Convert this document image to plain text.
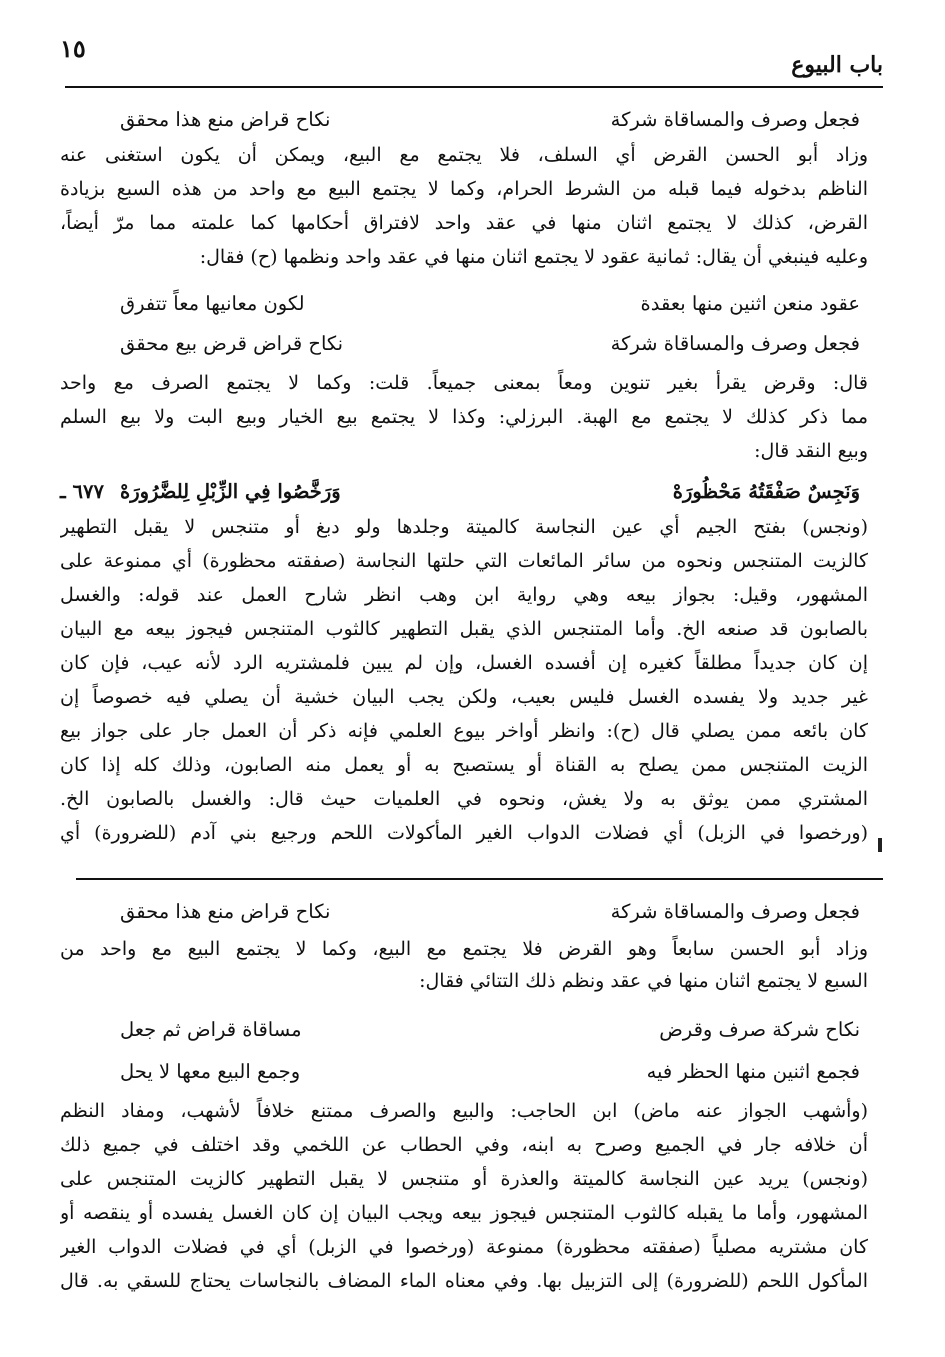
١٥
باب البيوع
فجعل وصرف والمساقاة شركة
نكاح قراض منع هذا محقق
وزاد أبو الحسن القرض أي السلف، فلا يجتمع مع البيع، ويمكن أن يكون استغنى عنه
الناظم بدخوله فيما قبله من الشرط الحرام، وكما لا يجتمع البيع مع واحد من هذه السبع بزيادة
القرض، كذلك لا يجتمع اثنان منها في عقد واحد لافتراق أحكامها كما علمته مما مرّ أيضاً،
وعليه فينبغي أن يقال: ثمانية عقود لا يجتمع اثنان منها في عقد واحد ونظمها (ح) فقال:
عقود منعن اثنين منها بعقدة
لكون معانيها معاً تتفرق
فجعل وصرف والمساقاة شركة
نكاح قراض قرض بيع محقق
قال: وقرض يقرأ بغير تنوين ومعاً بمعنى جميعاً. قلت: وكما لا يجتمع الصرف مع واحد
مما ذكر كذلك لا يجتمع مع الهبة. البرزلي: وكذا لا يجتمع بيع الخيار وبيع البت ولا بيع السلم
وبيع النقد قال:
٦٧٧ ـ	وَنَجِسٌ صَفْقَتُهُ مَحْظُورَهْ
وَرَخَّصُوا فِي الزِّبْلِ لِلضَّرُورَهْ
(ونجس) بفتح الجيم أي عين النجاسة كالميتة وجلدها ولو دبغ أو متنجس لا يقبل التطهير
كالزيت المتنجس ونحوه من سائر المائعات التي حلتها النجاسة (صفقته محظورة) أي ممنوعة على
المشهور، وقيل: بجواز بيعه وهي رواية ابن وهب انظر شارح العمل عند قوله: والغسل
بالصابون قد صنعه الخ. وأما المتنجس الذي يقبل التطهير كالثوب المتنجس فيجوز بيعه مع البيان
إن كان جديداً مطلقاً كغيره إن أفسده الغسل، وإن لم يبين فلمشتريه الرد لأنه عيب، فإن كان
غير جديد ولا يفسده الغسل فليس بعيب، ولكن يجب البيان خشية أن يصلي فيه خصوصاً إن
كان بائعه ممن يصلي قال (ح): وانظر أواخر بيوع العلمي فإنه ذكر أن العمل جار على جواز بيع
الزيت المتنجس ممن يصلح به القناة أو يستصبح به أو يعمل منه الصابون، وذلك كله إذا كان
المشتري ممن يوثق به ولا يغش، ونحوه في العلميات حيث قال: والغسل بالصابون الخ.
(ورخصوا في الزبل) أي فضلات الدواب الغير المأكولات اللحم ورجيع بني آدم (للضرورة) أي
فجعل وصرف والمساقاة شركة
نكاح قراض منع هذا محقق
وزاد أبو الحسن سابعاً وهو القرض فلا يجتمع مع البيع، وكما لا يجتمع البيع مع واحد من
السبع لا يجتمع اثنان منها في عقد ونظم ذلك التتائي فقال:
نكاح شركة صرف وقرض
مساقاة قراض ثم جعل
فجمع اثنين منها الحظر فيه
وجمع البيع معها لا يحل
(وأشهب الجواز عنه ماض) ابن الحاجب: والبيع والصرف ممتنع خلافاً لأشهب، ومفاد النظم
أن خلافه جار في الجميع وصرح به ابنه، وفي الحطاب عن اللخمي وقد اختلف في جميع ذلك
(ونجس) يريد عين النجاسة كالميتة والعذرة أو متنجس لا يقبل التطهير كالزيت المتنجس على
المشهور، وأما ما يقبله كالثوب المتنجس فيجوز بيعه ويجب البيان إن كان الغسل يفسده أو ينقصه أو
كان مشتريه مصلياً (صفقته محظورة) ممنوعة (ورخصوا في الزبل) أي في فضلات الدواب الغير
المأكول اللحم (للضرورة) إلى التزبيل بها. وفي معناه الماء المضاف بالنجاسات يحتاج للسقي به. قال
